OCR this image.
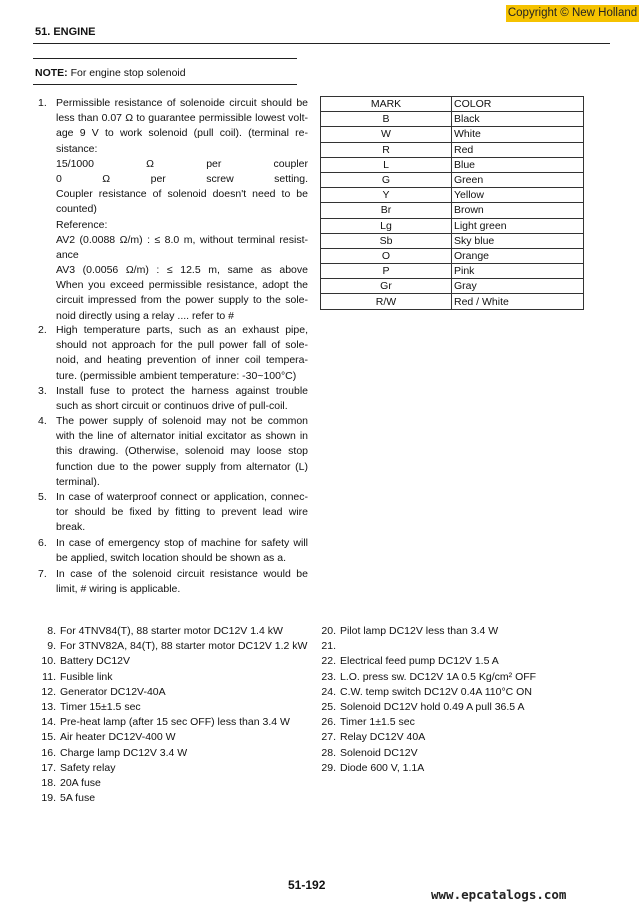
Copyright © New Holland
51. ENGINE
NOTE: For engine stop solenoid
1. Permissible resistance of solenoide circuit should be
less than 0.07 Ω to guarantee permissible lowest volt-
age 9 V to work solenoid (pull coil). (terminal re-
sistance:
15/1000 Ω per coupler
0 Ω per screw setting.
Coupler resistance of solenoid doesn't need to be
counted)
Reference:
AV2 (0.0088 Ω/m) : ≤ 8.0 m, without terminal resist-
ance
AV3 (0.0056 Ω/m) : ≤ 12.5 m, same as above
When you exceed permissible resistance, adopt the
circuit impressed from the power supply to the sole-
noid directly using a relay .... refer to #
2. High temperature parts, such as an exhaust pipe,
should not approach for the pull power fall of sole-
noid, and heating prevention of inner coil tempera-
ture. (permissible ambient temperature: -30~100°C)
3. Install fuse to protect the harness against trouble
such as short circuit or continuos drive of pull-coil.
4. The power supply of solenoid may not be common
with the line of alternator initial excitator as shown in
this drawing. (Otherwise, solenoid may loose stop
function due to the power supply from alternator (L)
terminal).
5. In case of waterproof connect or application, connec-
tor should be fixed by fitting to prevent lead wire
break.
6. In case of emergency stop of machine for safety will
be applied, switch location should be shown as a.
7. In case of the solenoid circuit resistance would be
limit, # wiring is applicable.
MARK	COLOR
B	Black
W	White
R	Red
L	Blue
G	Green
Y	Yellow
Br	Brown
Lg	Light green
Sb	Sky blue
O	Orange
P	Pink
Gr	Gray
R/W	Red / White
8. For 4TNV84(T), 88 starter motor DC12V 1.4 kW
9. For 3TNV82A, 84(T), 88 starter motor DC12V 1.2 kW
10. Battery DC12V
11. Fusible link
12. Generator DC12V-40A
13. Timer 15±1.5 sec
14. Pre-heat lamp (after 15 sec OFF) less than 3.4 W
15. Air heater DC12V-400 W
16. Charge lamp DC12V 3.4 W
17. Safety relay
18. 20A fuse
19. 5A fuse
20. Pilot lamp DC12V less than 3.4 W
21.
22. Electrical feed pump DC12V 1.5 A
23. L.O. press sw. DC12V 1A 0.5 Kg/cm² OFF
24. C.W. temp switch DC12V 0.4A 110°C ON
25. Solenoid DC12V hold 0.49 A pull 36.5 A
26. Timer 1±1.5 sec
27. Relay DC12V 40A
28. Solenoid DC12V
29. Diode 600 V, 1.1A
51-192
www.epcatalogs.com
